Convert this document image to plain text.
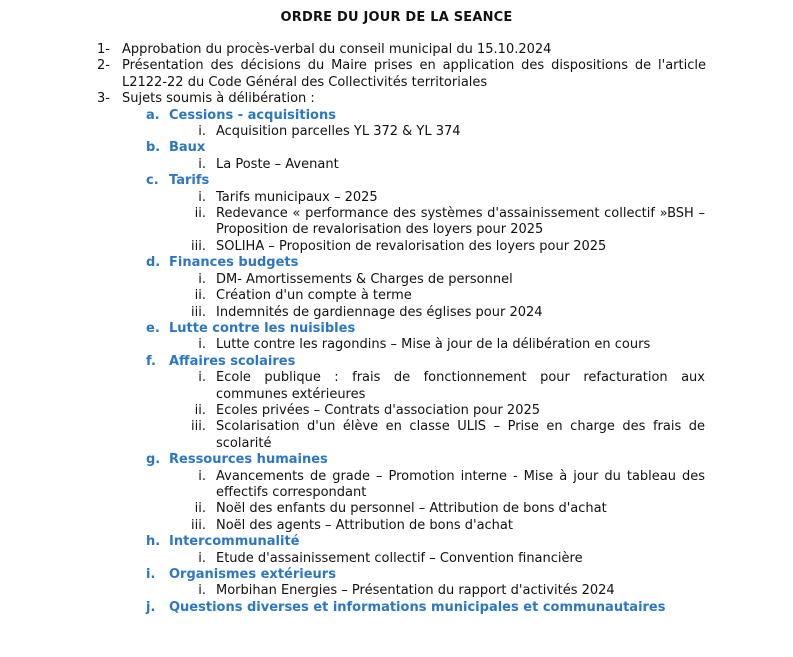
ORDRE DU JOUR DE LA SEANCE
1- Approbation du procès-verbal du conseil municipal du 15.10.2024
2- Présentation des décisions du Maire prises en application des dispositions de l'article L2122-22 du Code Général des Collectivités territoriales
3- Sujets soumis à délibération :
a. Cessions - acquisitions
i. Acquisition parcelles YL 372 & YL 374
b. Baux
i. La Poste – Avenant
c. Tarifs
i. Tarifs municipaux – 2025
ii. Redevance « performance des systèmes d'assainissement collectif »BSH – Proposition de revalorisation des loyers pour 2025
iii. SOLIHA – Proposition de revalorisation des loyers pour 2025
d. Finances budgets
i. DM- Amortissements & Charges de personnel
ii. Création d'un compte à terme
iii. Indemnités de gardiennage des églises pour 2024
e. Lutte contre les nuisibles
i. Lutte contre les ragondins – Mise à jour de la délibération en cours
f. Affaires scolaires
i. Ecole publique : frais de fonctionnement pour refacturation aux communes extérieures
ii. Ecoles privées – Contrats d'association pour 2025
iii. Scolarisation d'un élève en classe ULIS – Prise en charge des frais de scolarité
g. Ressources humaines
i. Avancements de grade – Promotion interne - Mise à jour du tableau des effectifs correspondant
ii. Noël des enfants du personnel – Attribution de bons d'achat
iii. Noël des agents – Attribution de bons d'achat
h. Intercommunalité
i. Etude d'assainissement collectif – Convention financière
i. Organismes extérieurs
i. Morbihan Energies – Présentation du rapport d'activités 2024
j. Questions diverses et informations municipales et communautaires
